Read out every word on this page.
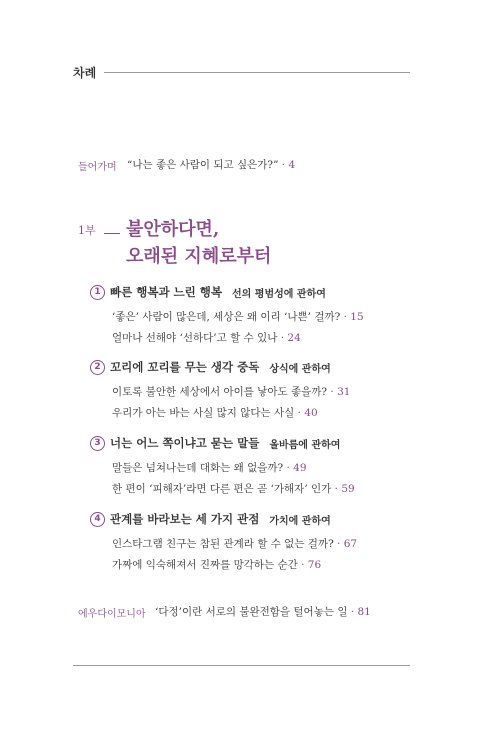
차례
들어가며 “나는 좋은 사람이 되고 싶은가?” · 4
1부 불안하다면,
오래된 지혜로부터
1 빠른 행복과 느린 행복 선의 평범성에 관하여
‘좋은’ 사람이 많은데, 세상은 왜 이리 ‘나쁜’ 걸까? · 15
얼마나 선해야 ‘선하다’고 할 수 있나 · 24
2 꼬리에 꼬리를 무는 생각 중독 상식에 관하여
이토록 불안한 세상에서 아이를 낳아도 좋을까? · 31
우리가 아는 바는 사실 많지 않다는 사실 · 40
3 너는 어느 쪽이냐고 묻는 말들 올바름에 관하여
말들은 넘쳐나는데 대화는 왜 없을까? · 49
한 편이 ‘피해자’라면 다른 편은 곧 ‘가해자’ 인가 · 59
4 관계를 바라보는 세 가지 관점 가치에 관하여
인스타그램 친구는 참된 관계라 할 수 없는 걸까? · 67
가짜에 익숙해져서 진짜를 망각하는 순간 · 76
에우다이모니아 ‘다정’이란 서로의 불완전함을 털어놓는 일 · 81
